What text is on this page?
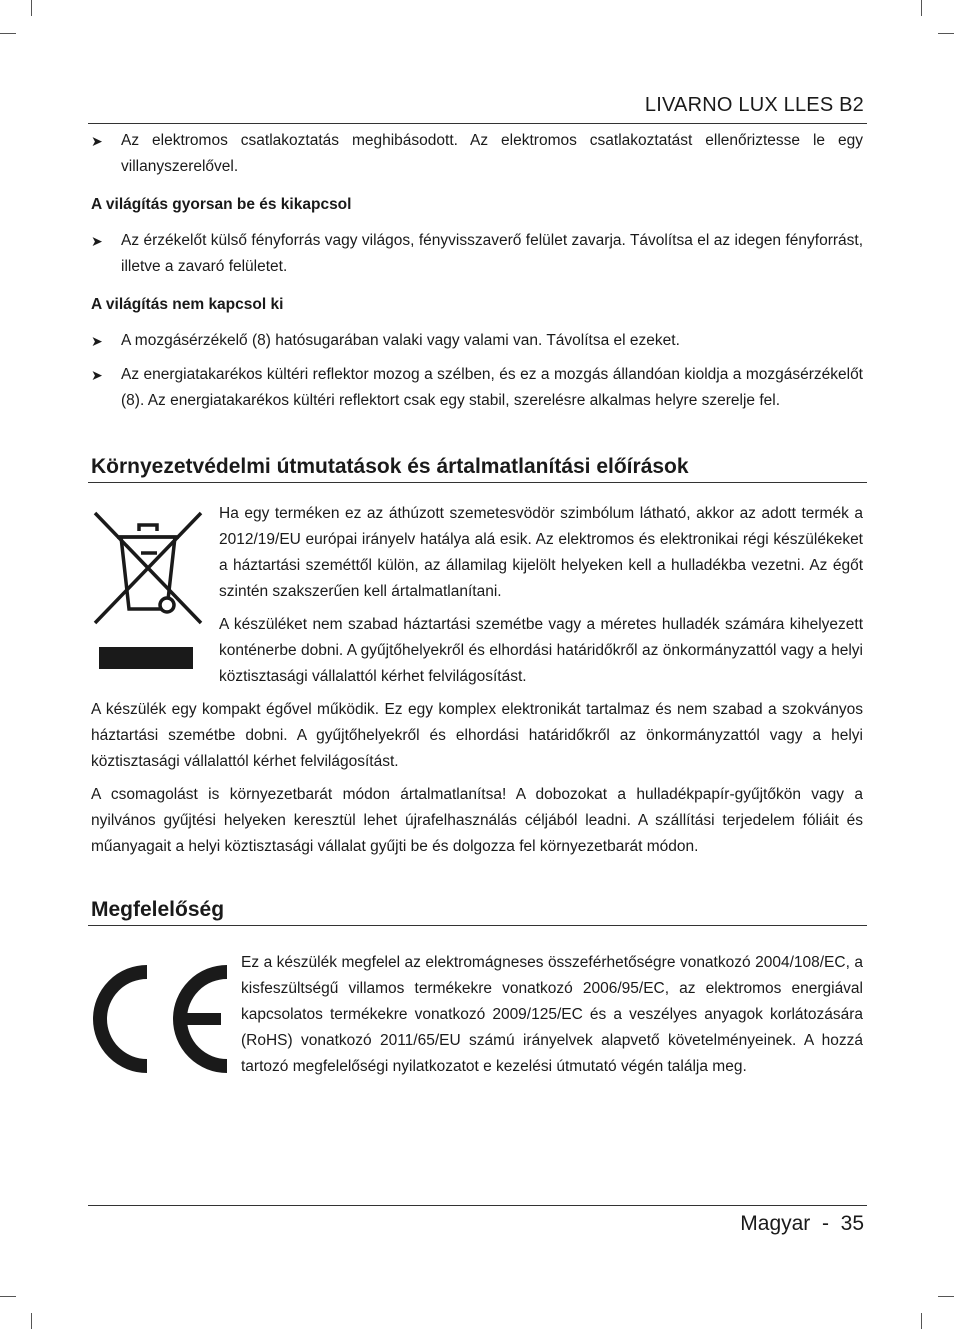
LIVARNO LUX LLES B2
➤ Az elektromos csatlakoztatás meghibásodott. Az elektromos csatlakoztatást ellenőriztesse le egy villanyszerelővel.
A világítás gyorsan be és kikapcsol
➤ Az érzékelőt külső fényforrás vagy világos, fényvisszaverő felület zavarja. Távolítsa el az idegen fényforrást, illetve a zavaró felületet.
A világítás nem kapcsol ki
➤ A mozgásérzékelő (8) hatósugarában valaki vagy valami van. Távolítsa el ezeket.
➤ Az energiatakarékos kültéri reflektor mozog a szélben, és ez a mozgás állandóan kioldja a mozgásérzékelőt (8). Az energiatakarékos kültéri reflektort csak egy stabil, szerelésre alkalmas helyre szerelje fel.
Környezetvédelmi útmutatások és ártalmatlanítási előírások

Ha egy terméken ez az áthúzott szemetesvödör szimbólum látható, akkor az adott termék a 2012/19/EU európai irányelv hatálya alá esik. Az elektromos és elektronikai régi készülékeket a háztartási szeméttől külön, az államilag kijelölt helyeken kell a hulladékba vezetni. Az égőt szintén szakszerűen kell ártalmatlanítani.

A készüléket nem szabad háztartási szemétbe vagy a méretes hulladék számára kihelyezett konténerbe dobni. A gyűjtőhelyekről és elhordási határidőkről az önkormányzattól vagy a helyi köztisztasági vállalattól kérhet felvilágosítást.

A készülék egy kompakt égővel működik. Ez egy komplex elektronikát tartalmaz és nem szabad a szokványos háztartási szemétbe dobni. A gyűjtőhelyekről és elhordási határidőkről az önkormányzattól vagy a helyi köztisztasági vállalattól kérhet felvilágosítást.

A csomagolást is környezetbarát módon ártalmatlanítsa! A dobozokat a hulladékpapír-gyűjtőkön vagy a nyilvános gyűjtési helyeken keresztül lehet újrafelhasználás céljából leadni. A szállítási terjedelem fóliáit és műanyagait a helyi köztisztasági vállalat gyűjti be és dolgozza fel környezetbarát módon.

Megfelelőség

Ez a készülék megfelel az elektromágneses összeférhetőségre vonatkozó 2004/108/EC, a kisfeszültségű villamos termékekre vonatkozó 2006/95/EC, az elektromos energiával kapcsolatos termékekre vonatkozó 2009/125/EC és a veszélyes anyagok korlátozására (RoHS) vonatkozó 2011/65/EU számú irányelvek alapvető követelményeinek. A hozzá tartozó megfelelőségi nyilatkozatot e kezelési útmutató végén találja meg.

Magyar  -  35
